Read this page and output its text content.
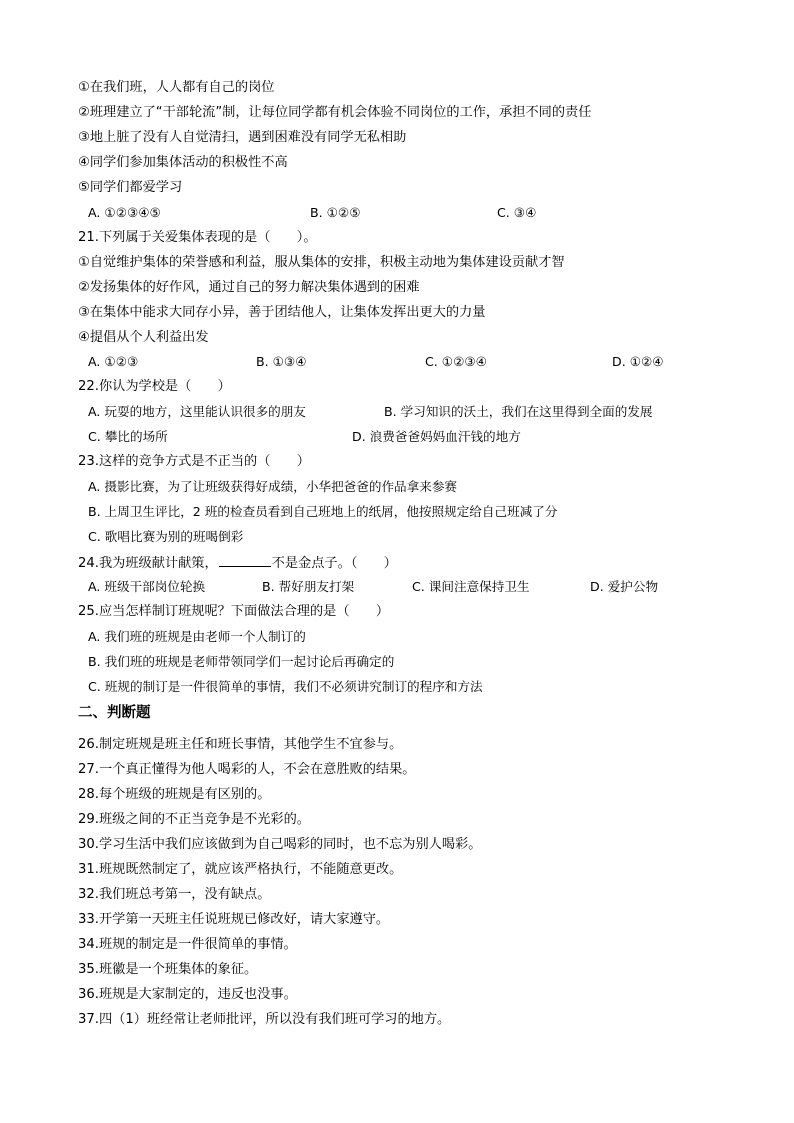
①在我们班，人人都有自己的岗位
②班理建立了“干部轮流”制，让每位同学都有机会体验不同岗位的工作，承担不同的责任
③地上脏了没有人自觉清扫，遇到困难没有同学无私相助
④同学们参加集体活动的积极性不高
⑤同学们都爱学习
A. ①②③④⑤	B. ①②⑤	C. ③④
21.下列属于关爱集体表现的是（　　）。
①自觉维护集体的荣誉感和利益，服从集体的安排，积极主动地为集体建设贡献才智
②发扬集体的好作风，通过自己的努力解决集体遇到的困难
③在集体中能求大同存小异，善于团结他人，让集体发挥出更大的力量
④提倡从个人利益出发
A. ①②③	B. ①③④	C. ①②③④	D. ①②④
22.你认为学校是（　　）
A. 玩耍的地方，这里能认识很多的朋友	B. 学习知识的沃土，我们在这里得到全面的发展
C. 攀比的场所	D. 浪费爸爸妈妈血汗钱的地方
23.这样的竞争方式是不正当的（　　）
A. 摄影比赛，为了让班级获得好成绩，小华把爸爸的作品拿来参赛
B. 上周卫生评比，2 班的检查员看到自己班地上的纸屑，他按照规定给自己班减了分
C. 歌唱比赛为别的班喝倒彩
24.我为班级献计献策，	不是金点子。（　　）
A. 班级干部岗位轮换	B. 帮好朋友打架	C. 课间注意保持卫生	D. 爱护公物
25.应当怎样制订班规呢？下面做法合理的是（　　）
A. 我们班的班规是由老师一个人制订的
B. 我们班的班规是老师带领同学们一起讨论后再确定的
C. 班规的制订是一件很简单的事情，我们不必须讲究制订的程序和方法
二、判断题
26.制定班规是班主任和班长事情，其他学生不宜参与。
27.一个真正懂得为他人喝彩的人，不会在意胜败的结果。
28.每个班级的班规是有区别的。
29.班级之间的不正当竞争是不光彩的。
30.学习生活中我们应该做到为自己喝彩的同时，也不忘为别人喝彩。
31.班规既然制定了，就应该严格执行，不能随意更改。
32.我们班总考第一，没有缺点。
33.开学第一天班主任说班规已修改好，请大家遵守。
34.班规的制定是一件很简单的事情。
35.班徽是一个班集体的象征。
36.班规是大家制定的，违反也没事。
37.四（1）班经常让老师批评，所以没有我们班可学习的地方。
